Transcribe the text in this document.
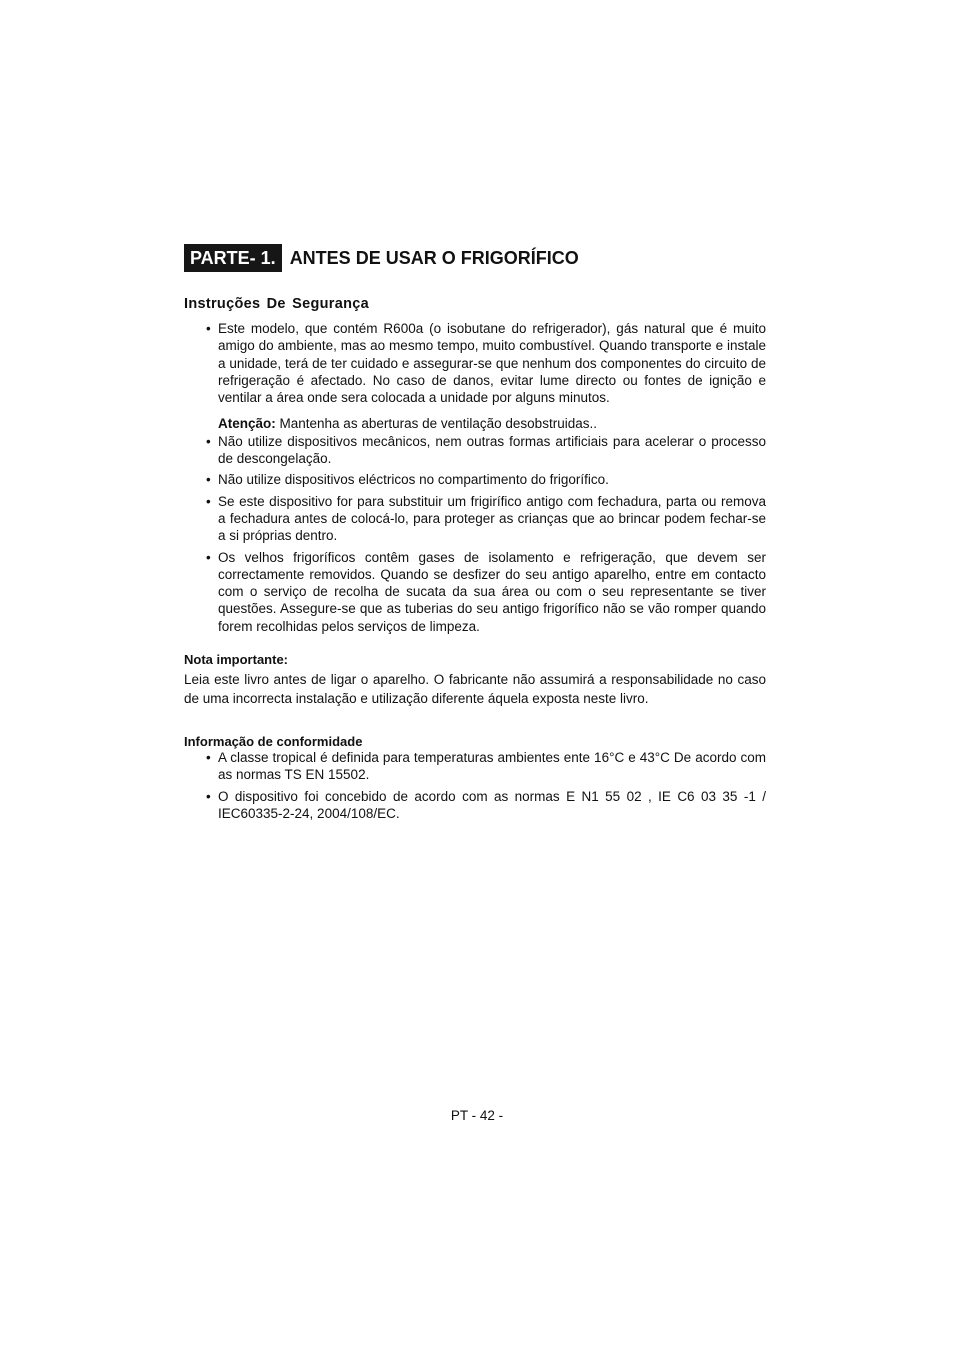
PARTE- 1. ANTES DE USAR O FRIGORÍFICO
Instruções De Segurança
• Este modelo, que contém R600a (o isobutane do refrigerador), gás natural que é muito amigo do ambiente, mas ao mesmo tempo, muito combustível. Quando transporte e instale a unidade, terá de ter cuidado e assegurar-se que nenhum dos componentes do circuito de refrigeração é afectado. No caso de danos, evitar lume directo ou fontes de ignição e ventilar a área onde sera colocada a unidade por alguns minutos.
Atenção: Mantenha as aberturas de ventilação desobstruidas..
• Não utilize dispositivos mecânicos, nem outras formas artificiais para acelerar o processo de descongelação.
• Não utilize dispositivos eléctricos no compartimento do frigorífico.
• Se este dispositivo for para substituir um frigirífico antigo com fechadura, parta ou remova a fechadura antes de colocá-lo, para proteger as crianças que ao brincar podem fechar-se a si próprias dentro.
• Os velhos frigoríficos contêm gases de isolamento e refrigeração, que devem ser correctamente removidos. Quando se desfizer do seu antigo aparelho, entre em contacto com o serviço de recolha de sucata da sua área ou com o seu representante se tiver questões. Assegure-se que as tuberias do seu antigo frigorífico não se vão romper quando forem recolhidas pelos serviços de limpeza.
Nota importante:
Leia este livro antes de ligar o aparelho. O fabricante não assumirá a responsabilidade no caso de uma incorrecta instalação e utilização diferente áquela exposta neste livro.
Informação de conformidade
• A classe tropical é definida para temperaturas ambientes ente 16°C e 43°C De acordo com as normas TS EN 15502.
• O dispositivo foi concebido de acordo com as normas E N1 55 02 , IE C6 03 35 -1 / IEC60335-2-24, 2004/108/EC.
PT - 42 -
